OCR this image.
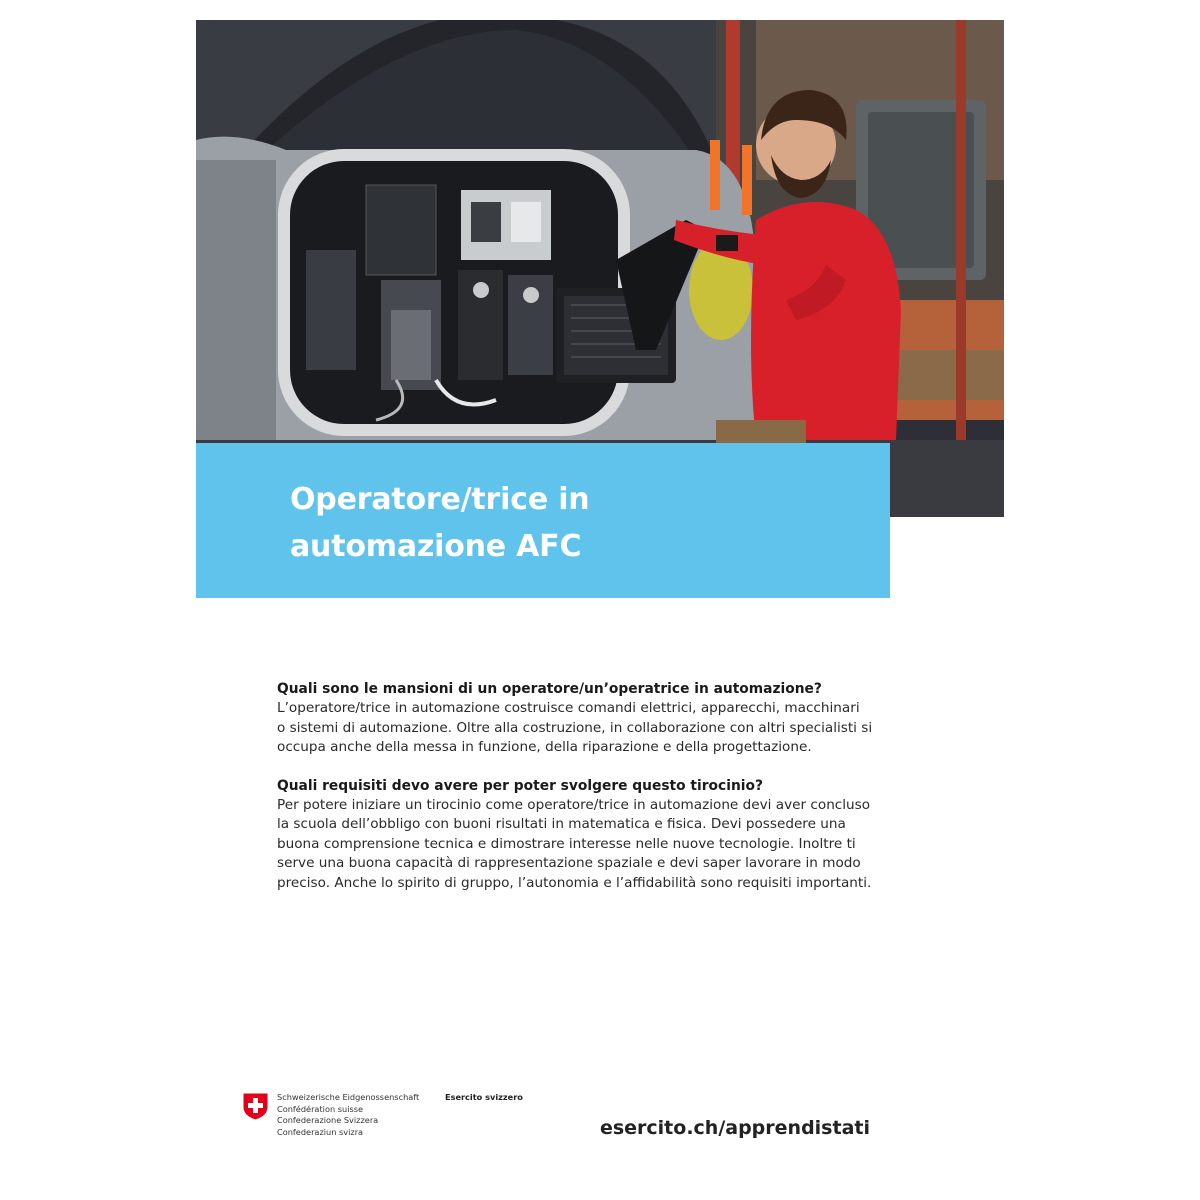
Operatore/trice in
automazione AFC
Quali sono le mansioni di un operatore/un’operatrice in automazione?

L’operatore/trice in automazione costruisce comandi elettrici, apparecchi, macchinari

o sistemi di automazione. Oltre alla costruzione, in collaborazione con altri specialisti si

occupa anche della messa in funzione, della riparazione e della progettazione.

Quali requisiti devo avere per poter svolgere questo tirocinio?

Per potere iniziare un tirocinio come operatore/trice in automazione devi aver concluso

la scuola dell’obbligo con buoni risultati in matematica e fisica. Devi possedere una

buona comprensione tecnica e dimostrare interesse nelle nuove tecnologie. Inoltre ti

serve una buona capacità di rappresentazione spaziale e devi saper lavorare in modo

preciso. Anche lo spirito di gruppo, l’autonomia e l’affidabilità sono requisiti importanti.

Schweizerische Eidgenossenschaft
Confédération suisse
Confederazione Svizzera
Confederaziun svizra
Esercito svizzero
esercito.ch/apprendistati
